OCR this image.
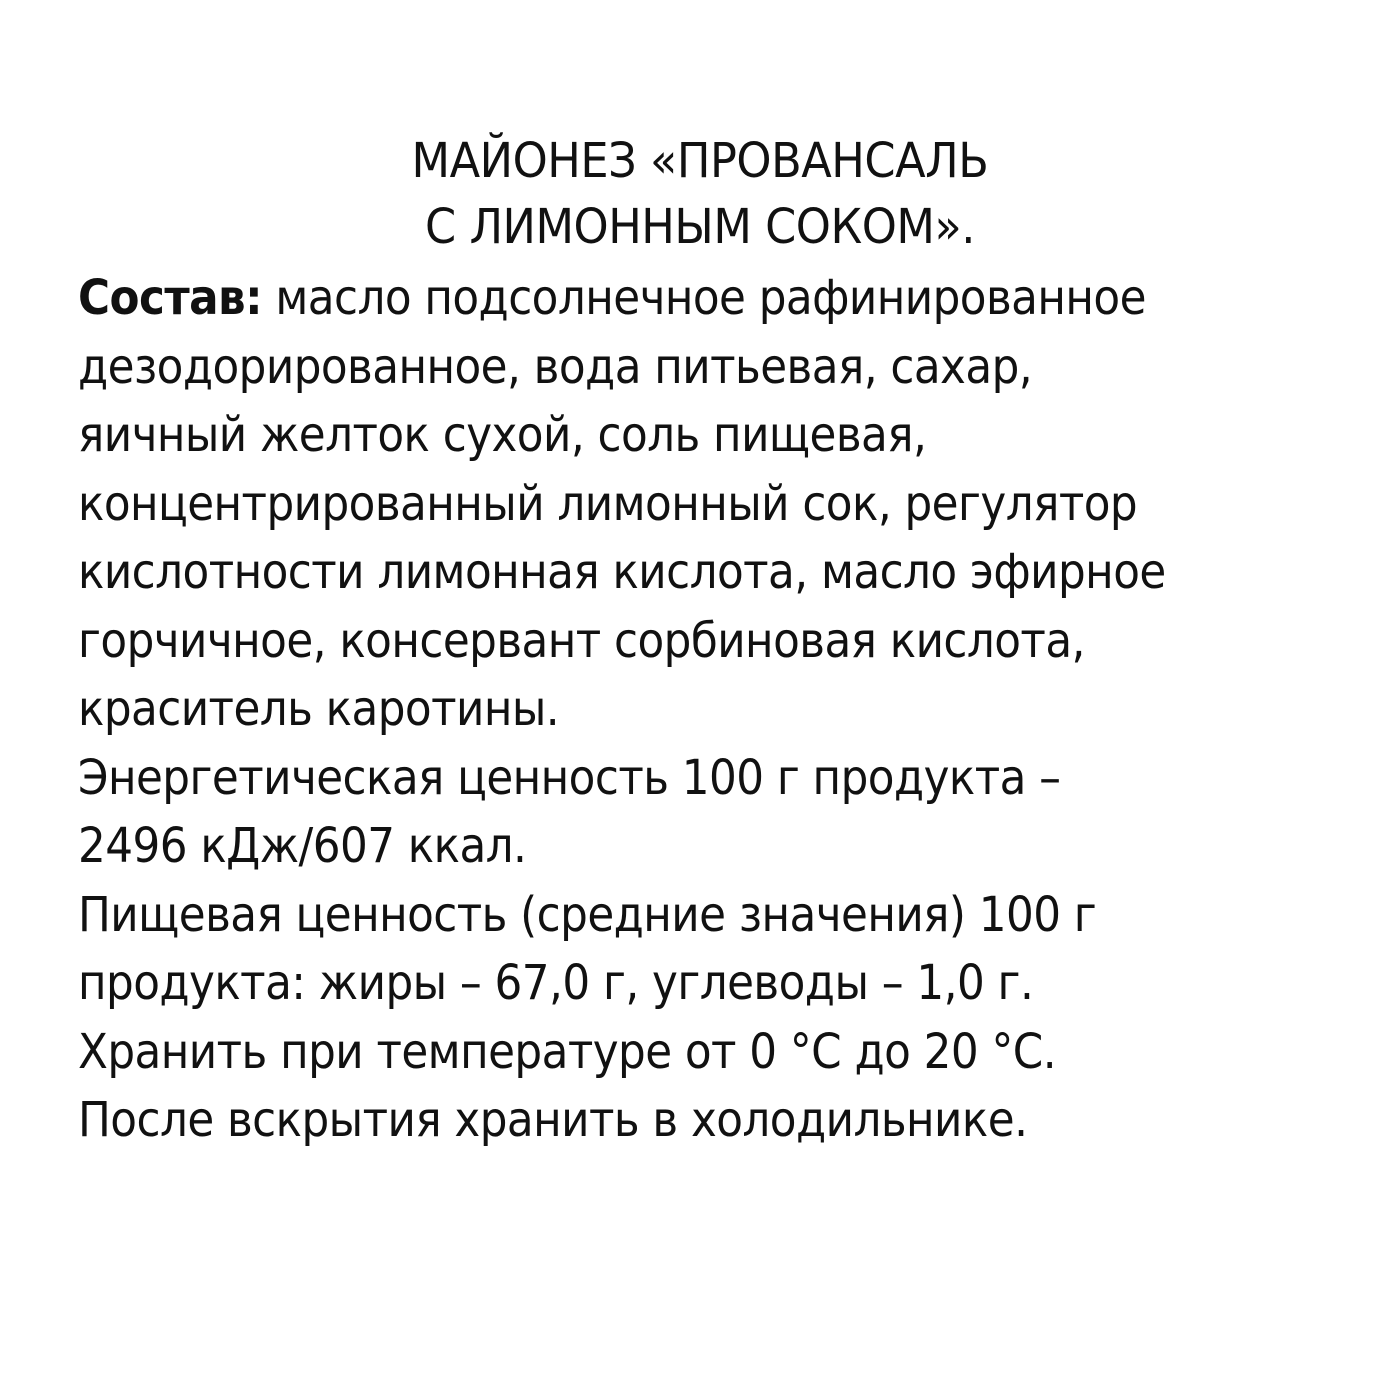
МАЙОНЕЗ «ПРОВАНСАЛЬ
С ЛИМОННЫМ СОКОМ».
Состав: масло подсолнечное рафинированное
дезодорированное, вода питьевая, сахар,
яичный желток сухой, соль пищевая,
концентрированный лимонный сок, регулятор
кислотности лимонная кислота, масло эфирное
горчичное, консервант сорбиновая кислота,
краситель каротины.
Энергетическая ценность 100 г продукта –
2496 кДж/607 ккал.
Пищевая ценность (средние значения) 100 г
продукта: жиры – 67,0 г, углеводы – 1,0 г.
Хранить при температуре от 0 °С до 20 °С.
После вскрытия хранить в холодильнике.
